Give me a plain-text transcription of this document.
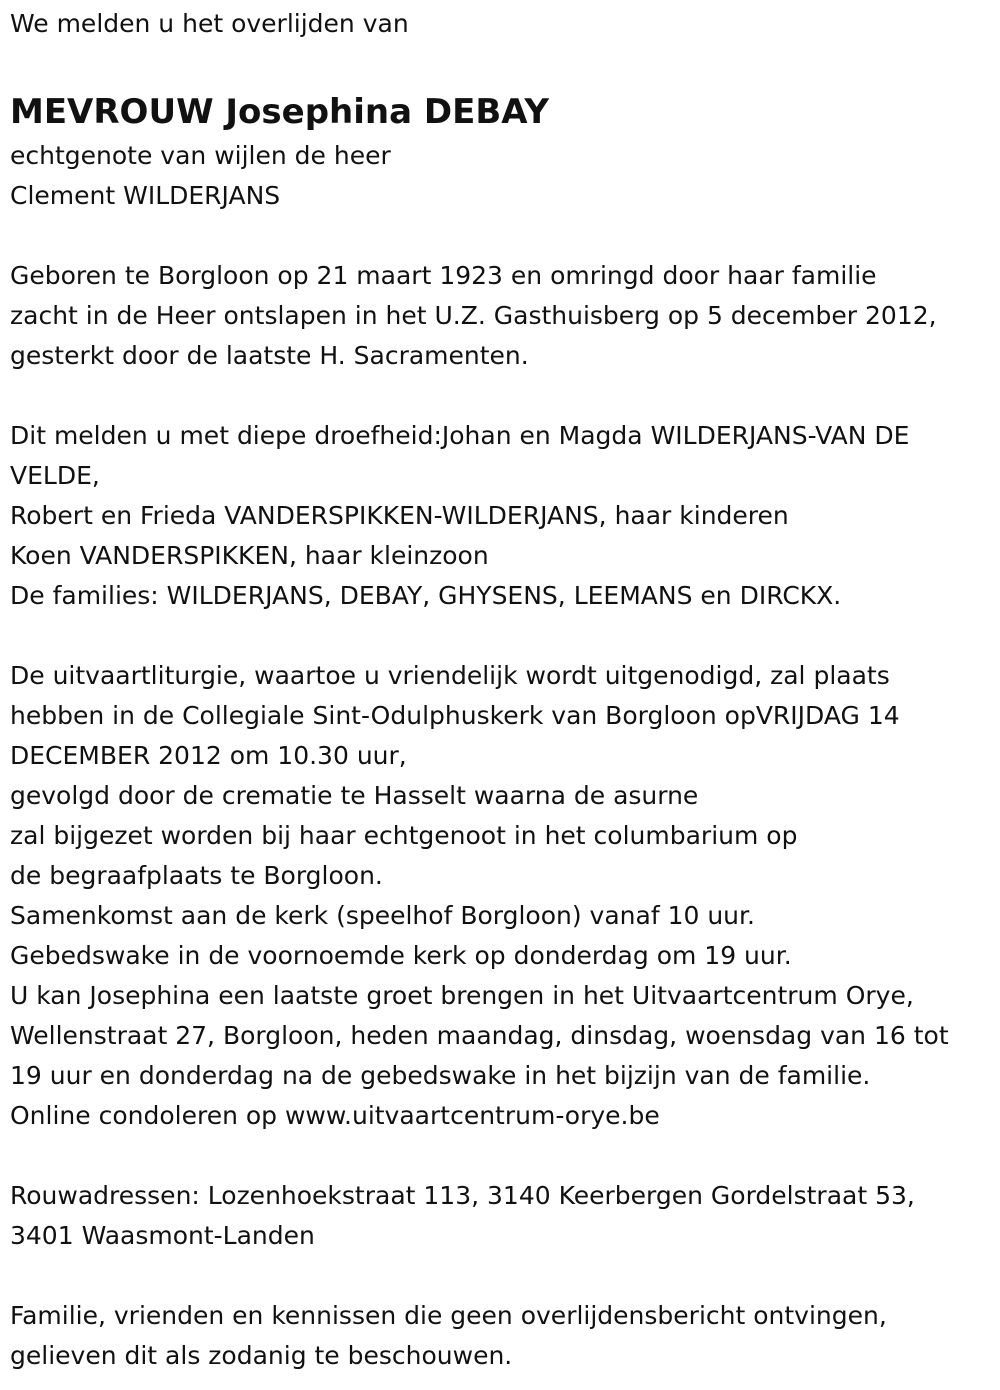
We melden u het overlijden van
MEVROUW Josephina DEBAY
echtgenote van wijlen de heer
Clement WILDERJANS
Geboren te Borgloon op 21 maart 1923 en omringd door haar familie
zacht in de Heer ontslapen in het U.Z. Gasthuisberg op 5 december 2012,
gesterkt door de laatste H. Sacramenten.
Dit melden u met diepe droefheid:Johan en Magda WILDERJANS-VAN DE
VELDE,
Robert en Frieda VANDERSPIKKEN-WILDERJANS, haar kinderen
Koen VANDERSPIKKEN, haar kleinzoon
De families: WILDERJANS, DEBAY, GHYSENS, LEEMANS en DIRCKX.
De uitvaartliturgie, waartoe u vriendelijk wordt uitgenodigd, zal plaats
hebben in de Collegiale Sint-Odulphuskerk van Borgloon opVRIJDAG 14
DECEMBER 2012 om 10.30 uur,
gevolgd door de crematie te Hasselt waarna de asurne
zal bijgezet worden bij haar echtgenoot in het columbarium op
de begraafplaats te Borgloon.
Samenkomst aan de kerk (speelhof Borgloon) vanaf 10 uur.
Gebedswake in de voornoemde kerk op donderdag om 19 uur.
U kan Josephina een laatste groet brengen in het Uitvaartcentrum Orye,
Wellenstraat 27, Borgloon, heden maandag, dinsdag, woensdag van 16 tot
19 uur en donderdag na de gebedswake in het bijzijn van de familie.
Online condoleren op www.uitvaartcentrum-orye.be
Rouwadressen: Lozenhoekstraat 113, 3140 Keerbergen Gordelstraat 53,
3401 Waasmont-Landen
Familie, vrienden en kennissen die geen overlijdensbericht ontvingen,
gelieven dit als zodanig te beschouwen.
